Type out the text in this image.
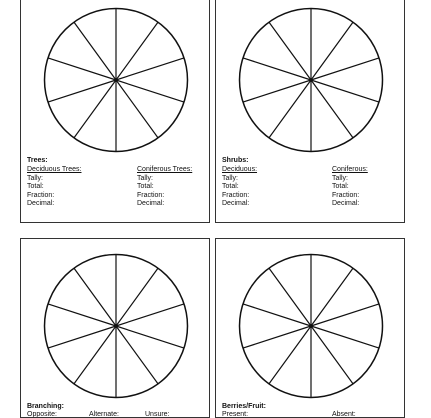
Trees:
Deciduous Trees:
Tally:
Total:
Fraction:
Decimal:
Coniferous Trees:
Tally:
Total:
Fraction:
Decimal:
Shrubs:
Deciduous:
Tally:
Total:
Fraction:
Decimal:
Coniferous:
Tally:
Total:
Fraction:
Decimal:
Branching:
Opposite:	Alternate:	Unsure:
Berries/Fruit:
Present:	Absent:
